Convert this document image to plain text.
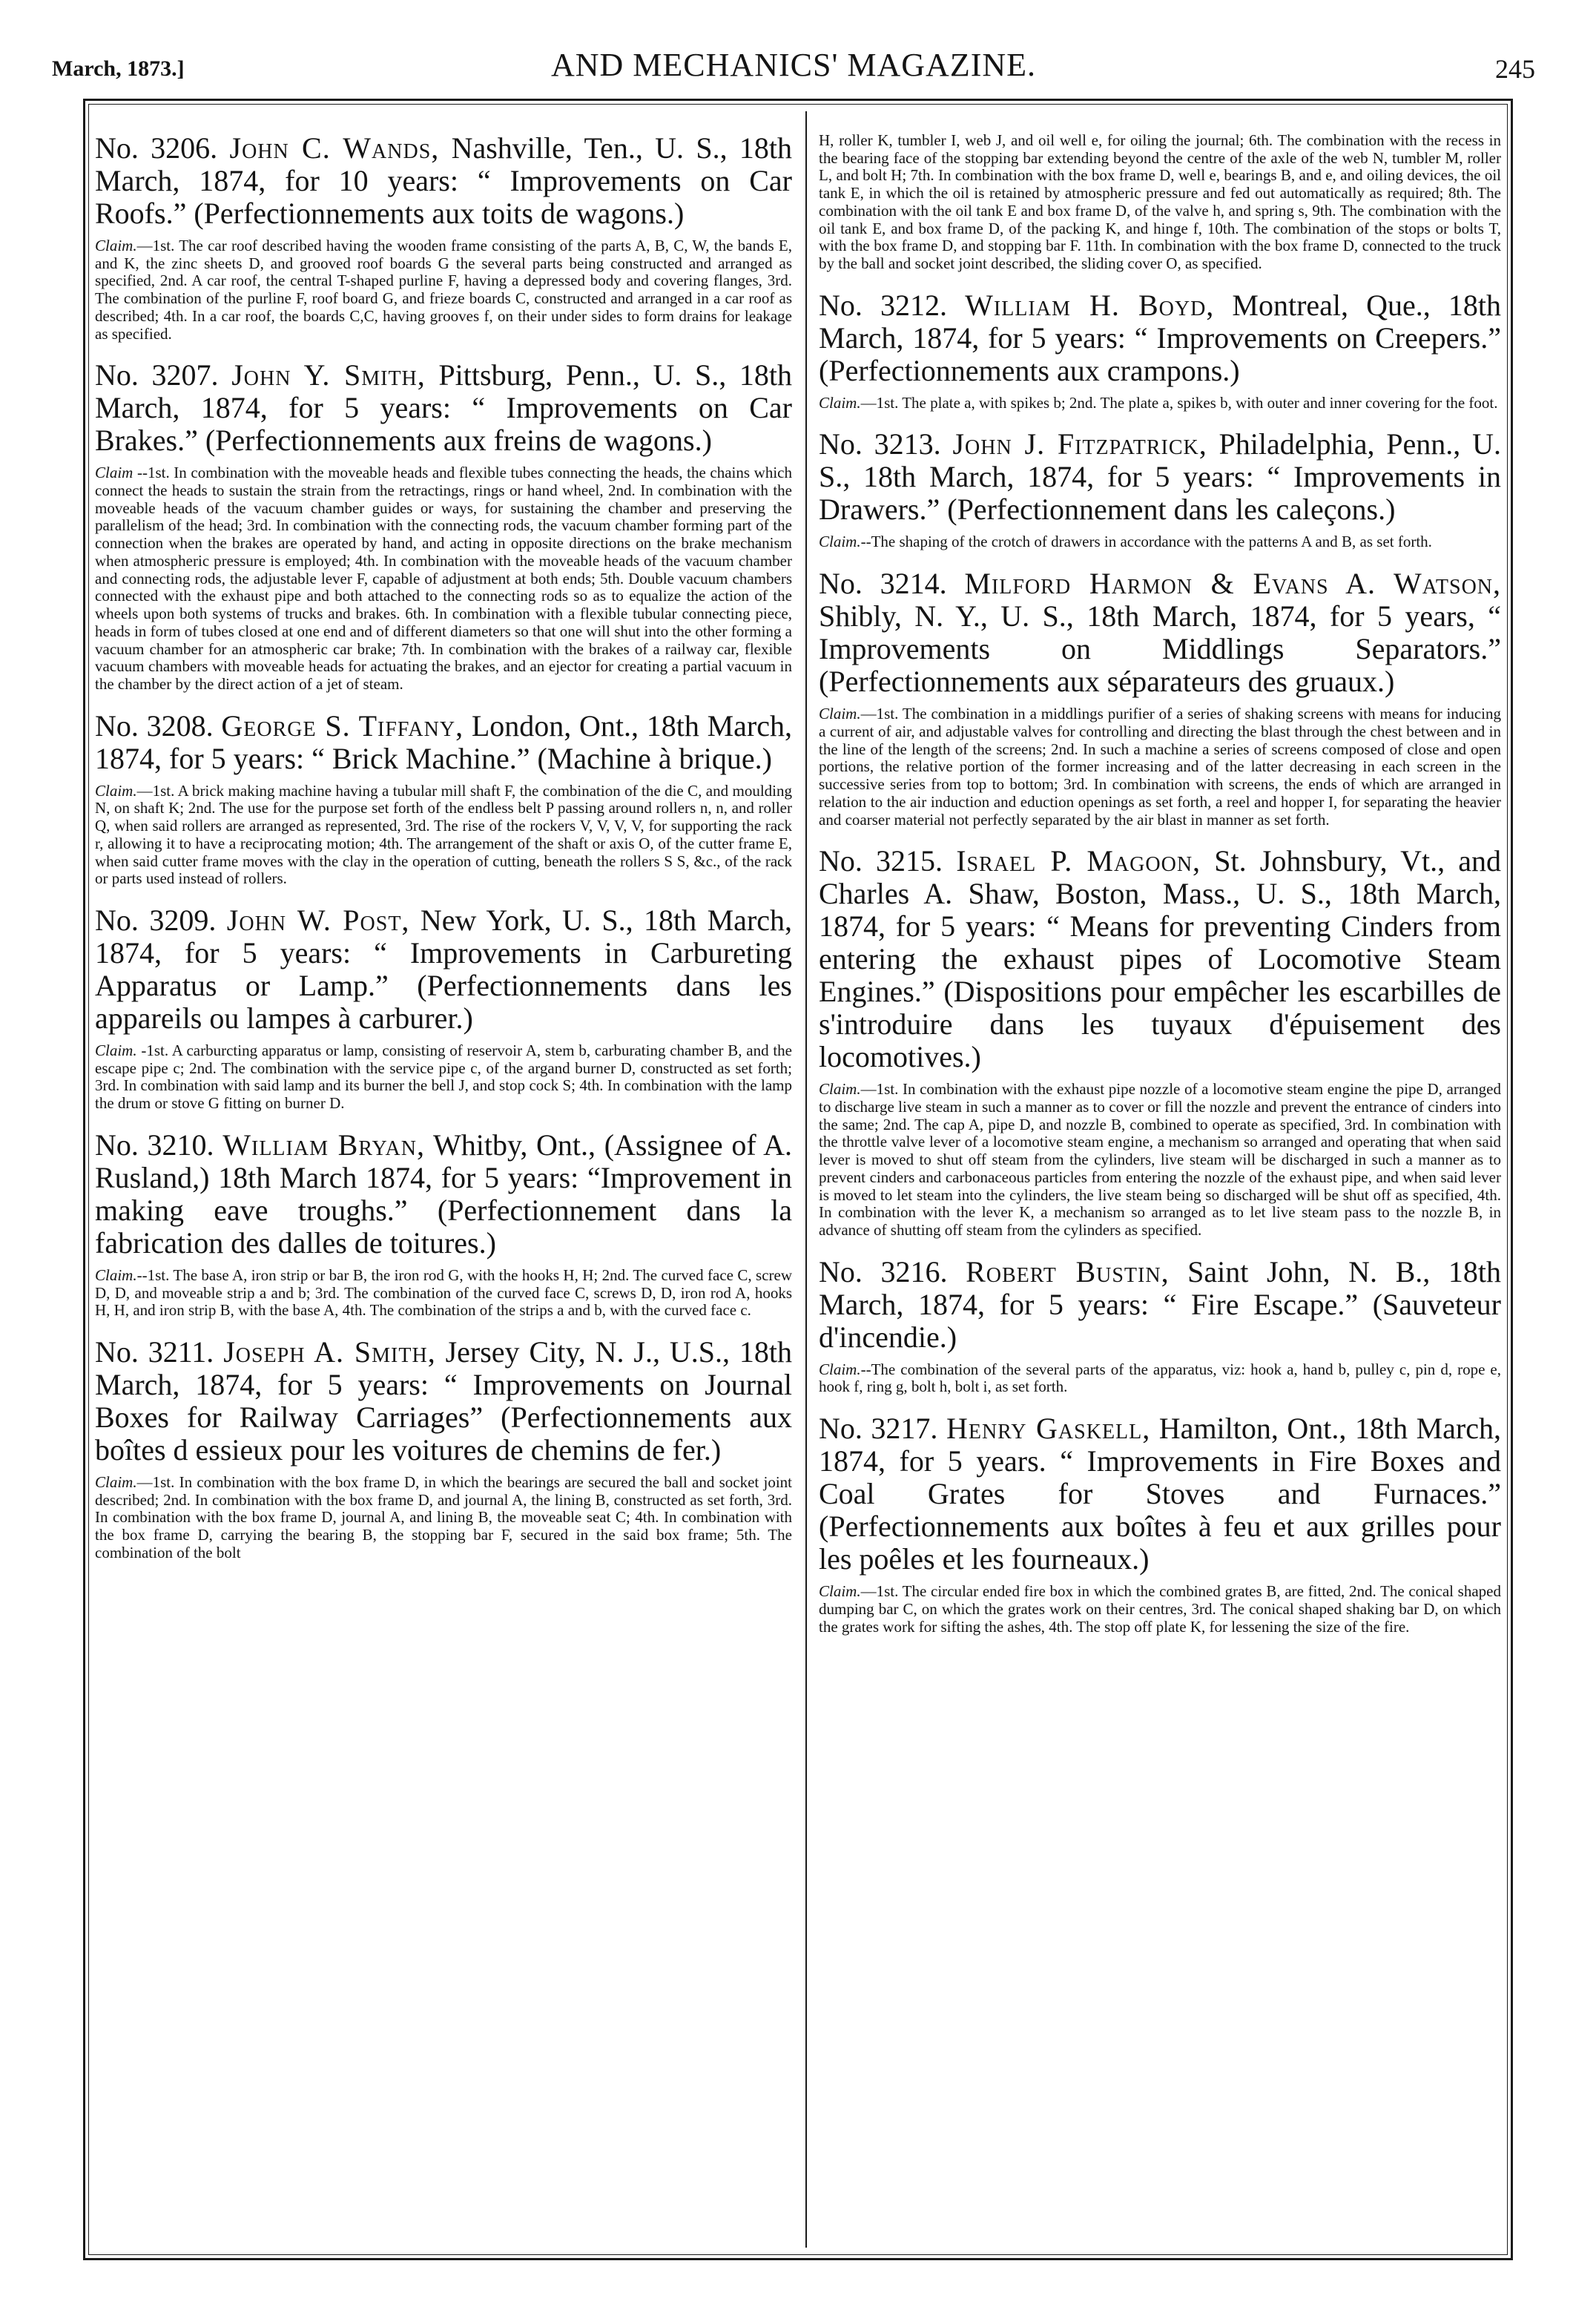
March, 1873.]	AND MECHANICS' MAGAZINE.	245

No. 3206. John C. Wands, Nashville, Ten., U. S., 18th March, 1874, for 10 years: “ Improvements on Car Roofs.” (Perfectionnements aux toits de wagons.)

Claim.—1st. The car roof described having the wooden frame consisting of the parts A, B, C, W, the bands E, and K, the zinc sheets D, and grooved roof boards G the several parts being constructed and arranged as specified, 2nd. A car roof, the central T-shaped purline F, having a depressed body and covering flanges, 3rd. The combination of the purline F, roof board G, and frieze boards C, constructed and arranged in a car roof as described; 4th. In a car roof, the boards C,C, having grooves f, on their under sides to form drains for leakage as specified.

No. 3207. John Y. Smith, Pittsburg, Penn., U. S., 18th March, 1874, for 5 years: “ Improvements on Car Brakes.” (Perfectionnements aux freins de wagons.)

Claim --1st. In combination with the moveable heads and flexible tubes connecting the heads, the chains which connect the heads to sustain the strain from the retractings, rings or hand wheel, 2nd. In combination with the moveable heads of the vacuum chamber guides or ways, for sustaining the chamber and preserving the parallelism of the head; 3rd. In combination with the connecting rods, the vacuum chamber forming part of the connection when the brakes are operated by hand, and acting in opposite directions on the brake mechanism when atmospheric pressure is employed; 4th. In combination with the moveable heads of the vacuum chamber and connecting rods, the adjustable lever F, capable of adjustment at both ends; 5th. Double vacuum chambers connected with the exhaust pipe and both attached to the connecting rods so as to equalize the action of the wheels upon both systems of trucks and brakes. 6th. In combination with a flexible tubular connecting piece, heads in form of tubes closed at one end and of different diameters so that one will shut into the other forming a vacuum chamber for an atmospheric car brake; 7th. In combination with the brakes of a railway car, flexible vacuum chambers with moveable heads for actuating the brakes, and an ejector for creating a partial vacuum in the chamber by the direct action of a jet of steam.

No. 3208. George S. Tiffany, London, Ont., 18th March, 1874, for 5 years: “ Brick Machine.” (Machine à brique.)

Claim.—1st. A brick making machine having a tubular mill shaft F, the combination of the die C, and moulding N, on shaft K; 2nd. The use for the purpose set forth of the endless belt P passing around rollers n, n, and roller Q, when said rollers are arranged as represented, 3rd. The rise of the rockers V, V, V, V, for supporting the rack r, allowing it to have a reciprocating motion; 4th. The arrangement of the shaft or axis O, of the cutter frame E, when said cutter frame moves with the clay in the operation of cutting, beneath the rollers S S, &c., of the rack or parts used instead of rollers.

No. 3209. John W. Post, New York, U. S., 18th March, 1874, for 5 years: “ Improvements in Carbureting Apparatus or Lamp.” (Perfectionnements dans les appareils ou lampes à carburer.)

Claim. -1st. A carburcting apparatus or lamp, consisting of reservoir A, stem b, carburating chamber B, and the escape pipe c; 2nd. The combination with the service pipe c, of the argand burner D, constructed as set forth; 3rd. In combination with said lamp and its burner the bell J, and stop cock S; 4th. In combination with the lamp the drum or stove G fitting on burner D.

No. 3210. William Bryan, Whitby, Ont., (Assignee of A. Rusland,) 18th March 1874, for 5 years: “Improvement in making eave troughs.” (Perfectionnement dans la fabrication des dalles de toitures.)

Claim.--1st. The base A, iron strip or bar B, the iron rod G, with the hooks H, H; 2nd. The curved face C, screw D, D, and moveable strip a and b; 3rd. The combination of the curved face C, screws D, D, iron rod A, hooks H, H, and iron strip B, with the base A, 4th. The combination of the strips a and b, with the curved face c.

No. 3211. Joseph A. Smith, Jersey City, N. J., U.S., 18th March, 1874, for 5 years: “ Improvements on Journal Boxes for Railway Carriages” (Perfectionnements aux boîtes d essieux pour les voitures de chemins de fer.)

Claim.—1st. In combination with the box frame D, in which the bearings are secured the ball and socket joint described; 2nd. In combination with the box frame D, and journal A, the lining B, constructed as set forth, 3rd. In combination with the box frame D, journal A, and lining B, the moveable seat C; 4th. In combination with the box frame D, carrying the bearing B, the stopping bar F, secured in the said box frame; 5th. The combination of the bolt

H, roller K, tumbler I, web J, and oil well e, for oiling the journal; 6th. The combination with the recess in the bearing face of the stopping bar extending beyond the centre of the axle of the web N, tumbler M, roller L, and bolt H; 7th. In combination with the box frame D, well e, bearings B, and e, and oiling devices, the oil tank E, in which the oil is retained by atmospheric pressure and fed out automatically as required; 8th. The combination with the oil tank E and box frame D, of the valve h, and spring s, 9th. The combination with the oil tank E, and box frame D, of the packing K, and hinge f, 10th. The combination of the stops or bolts T, with the box frame D, and stopping bar F. 11th. In combination with the box frame D, connected to the truck by the ball and socket joint described, the sliding cover O, as specified.

No. 3212. William H. Boyd, Montreal, Que., 18th March, 1874, for 5 years: “ Improvements on Creepers.” (Perfectionnements aux crampons.)

Claim.—1st. The plate a, with spikes b; 2nd. The plate a, spikes b, with outer and inner covering for the foot.

No. 3213. John J. Fitzpatrick, Philadelphia, Penn., U. S., 18th March, 1874, for 5 years: “ Improvements in Drawers.” (Perfectionnement dans les caleçons.)

Claim.--The shaping of the crotch of drawers in accordance with the patterns A and B, as set forth.

No. 3214. Milford Harmon & Evans A. Watson, Shibly, N. Y., U. S., 18th March, 1874, for 5 years, “ Improvements on Middlings Separators.” (Perfectionnements aux séparateurs des gruaux.)

Claim.—1st. The combination in a middlings purifier of a series of shaking screens with means for inducing a current of air, and adjustable valves for controlling and directing the blast through the chest between and in the line of the length of the screens; 2nd. In such a machine a series of screens composed of close and open portions, the relative portion of the former increasing and of the latter decreasing in each screen in the successive series from top to bottom; 3rd. In combination with screens, the ends of which are arranged in relation to the air induction and eduction openings as set forth, a reel and hopper I, for separating the heavier and coarser material not perfectly separated by the air blast in manner as set forth.

No. 3215. Israel P. Magoon, St. Johnsbury, Vt., and Charles A. Shaw, Boston, Mass., U. S., 18th March, 1874, for 5 years: “ Means for preventing Cinders from entering the exhaust pipes of Locomotive Steam Engines.” (Dispositions pour empêcher les escarbilles de s'introduire dans les tuyaux d'épuisement des locomotives.)

Claim.—1st. In combination with the exhaust pipe nozzle of a locomotive steam engine the pipe D, arranged to discharge live steam in such a manner as to cover or fill the nozzle and prevent the entrance of cinders into the same; 2nd. The cap A, pipe D, and nozzle B, combined to operate as specified, 3rd. In combination with the throttle valve lever of a locomotive steam engine, a mechanism so arranged and operating that when said lever is moved to shut off steam from the cylinders, live steam will be discharged in such a manner as to prevent cinders and carbonaceous particles from entering the nozzle of the exhaust pipe, and when said lever is moved to let steam into the cylinders, the live steam being so discharged will be shut off as specified, 4th. In combination with the lever K, a mechanism so arranged as to let live steam pass to the nozzle B, in advance of shutting off steam from the cylinders as specified.

No. 3216. Robert Bustin, Saint John, N. B., 18th March, 1874, for 5 years: “ Fire Escape.” (Sauveteur d'incendie.)

Claim.--The combination of the several parts of the apparatus, viz: hook a, hand b, pulley c, pin d, rope e, hook f, ring g, bolt h, bolt i, as set forth.

No. 3217. Henry Gaskell, Hamilton, Ont., 18th March, 1874, for 5 years. “ Improvements in Fire Boxes and Coal Grates for Stoves and Furnaces.” (Perfectionnements aux boîtes à feu et aux grilles pour les poêles et les fourneaux.)

Claim.—1st. The circular ended fire box in which the combined grates B, are fitted, 2nd. The conical shaped dumping bar C, on which the grates work on their centres, 3rd. The conical shaped shaking bar D, on which the grates work for sifting the ashes, 4th. The stop off plate K, for lessening the size of the fire.
